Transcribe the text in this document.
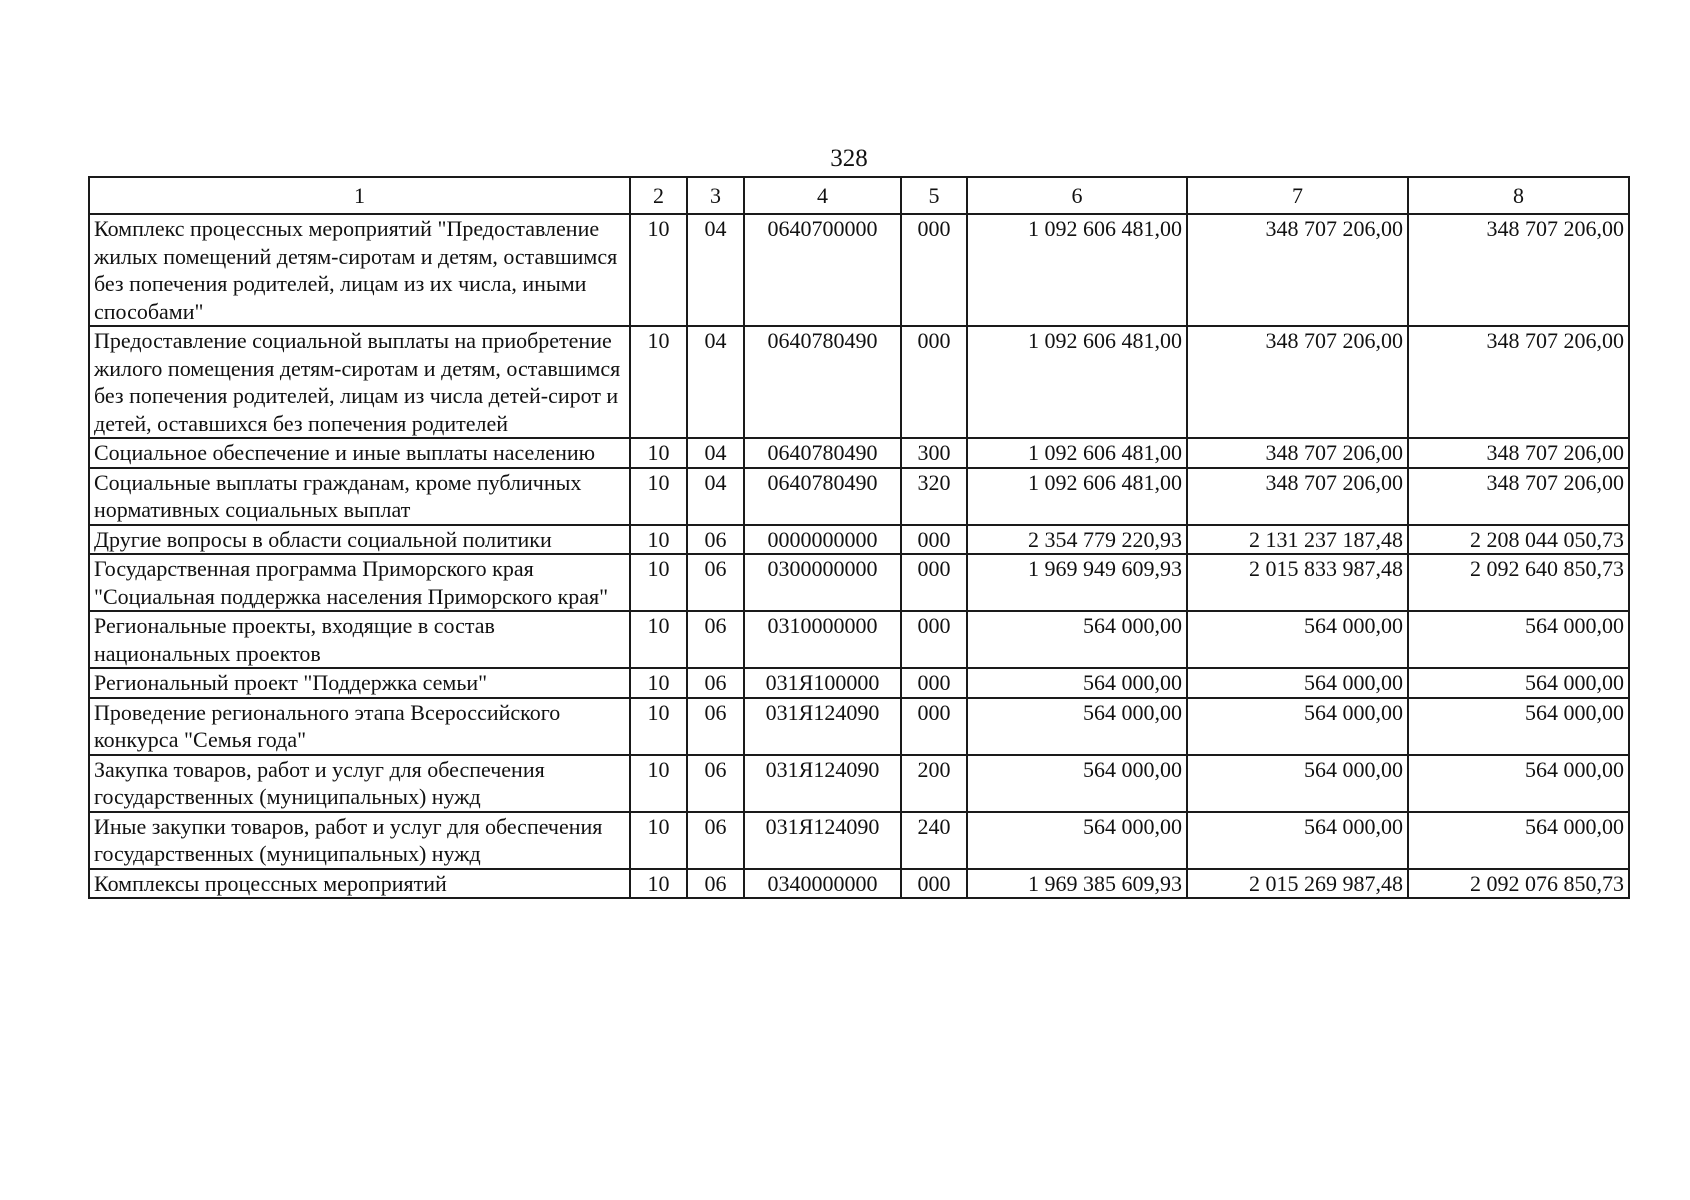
328
1	2	3	4	5	6	7	8
Комплекс процессных мероприятий "Предоставление жилых помещений детям-сиротам и детям, оставшимся без попечения родителей, лицам из их числа, иными способами"	10	04	0640700000	000	1 092 606 481,00	348 707 206,00	348 707 206,00
Предоставление социальной выплаты на приобретение жилого помещения детям-сиротам и детям, оставшимся без попечения родителей, лицам из числа детей-сирот и детей, оставшихся без попечения родителей	10	04	0640780490	000	1 092 606 481,00	348 707 206,00	348 707 206,00
Социальное обеспечение и иные выплаты населению	10	04	0640780490	300	1 092 606 481,00	348 707 206,00	348 707 206,00
Социальные выплаты гражданам, кроме публичных нормативных социальных выплат	10	04	0640780490	320	1 092 606 481,00	348 707 206,00	348 707 206,00
Другие вопросы в области социальной политики	10	06	0000000000	000	2 354 779 220,93	2 131 237 187,48	2 208 044 050,73
Государственная программа Приморского края "Социальная поддержка населения Приморского края"	10	06	0300000000	000	1 969 949 609,93	2 015 833 987,48	2 092 640 850,73
Региональные проекты, входящие в состав национальных проектов	10	06	0310000000	000	564 000,00	564 000,00	564 000,00
Региональный проект "Поддержка семьи"	10	06	031Я100000	000	564 000,00	564 000,00	564 000,00
Проведение регионального этапа Всероссийского конкурса "Семья года"	10	06	031Я124090	000	564 000,00	564 000,00	564 000,00
Закупка товаров, работ и услуг для обеспечения государственных (муниципальных) нужд	10	06	031Я124090	200	564 000,00	564 000,00	564 000,00
Иные закупки товаров, работ и услуг для обеспечения государственных (муниципальных) нужд	10	06	031Я124090	240	564 000,00	564 000,00	564 000,00
Комплексы процессных мероприятий	10	06	0340000000	000	1 969 385 609,93	2 015 269 987,48	2 092 076 850,73
